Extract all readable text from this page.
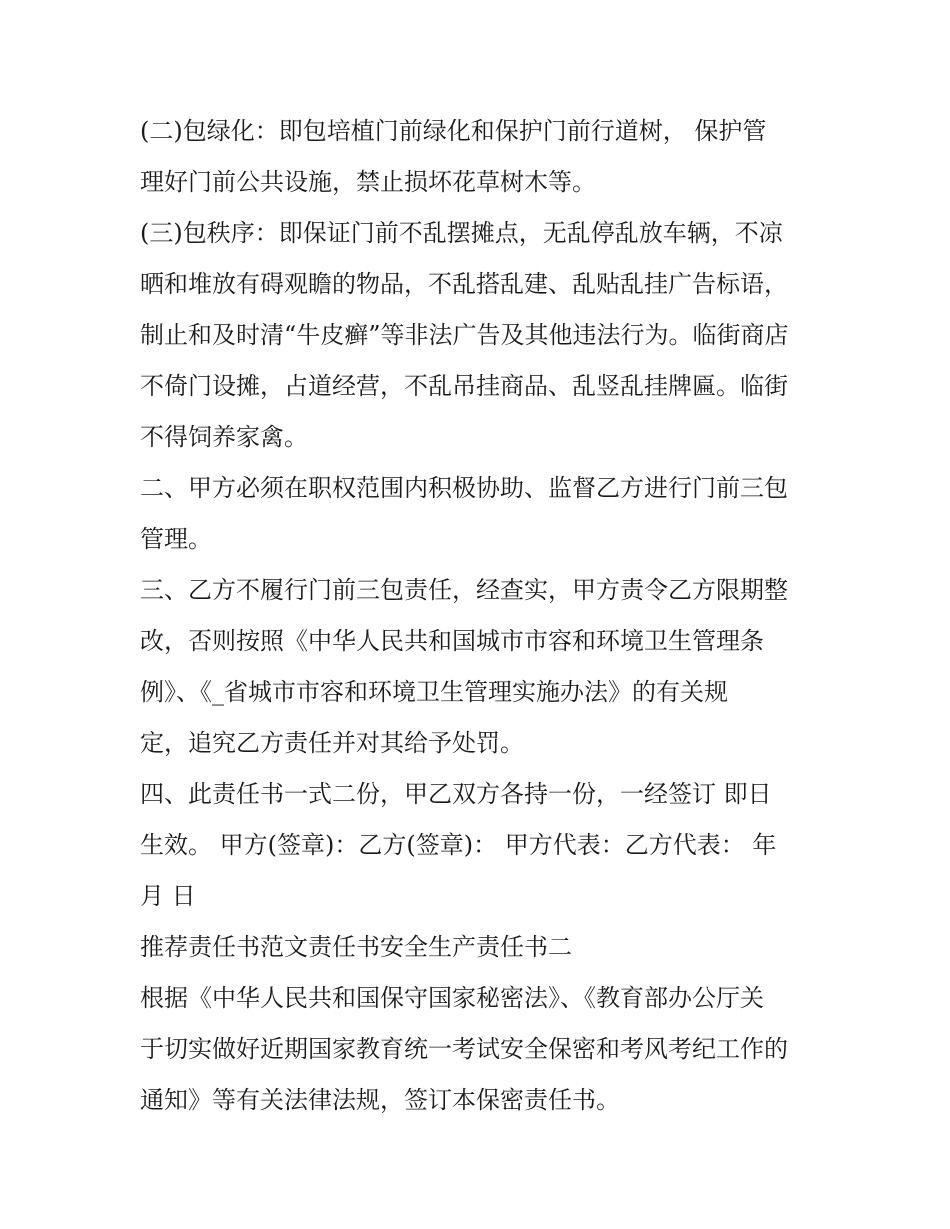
(二)包绿化：即包培植门前绿化和保护门前行道树， 保护管
理好门前公共设施，禁止损坏花草树木等。
(三)包秩序：即保证门前不乱摆摊点，无乱停乱放车辆，不凉
晒和堆放有碍观瞻的物品，不乱搭乱建、乱贴乱挂广告标语，
制止和及时清“牛皮癣”等非法广告及其他违法行为。临街商店
不倚门设摊，占道经营，不乱吊挂商品、乱竖乱挂牌匾。临街
不得饲养家禽。
二、甲方必须在职权范围内积极协助、监督乙方进行门前三包
管理。
三、乙方不履行门前三包责任，经查实，甲方责令乙方限期整
改，否则按照《中华人民共和国城市市容和环境卫生管理条
例》、《_省城市市容和环境卫生管理实施办法》的有关规
定，追究乙方责任并对其给予处罚。
四、此责任书一式二份，甲乙双方各持一份，一经签订 即日
生效。 甲方(签章)：乙方(签章)： 甲方代表：乙方代表： 年
月 日
推荐责任书范文责任书安全生产责任书二
根据《中华人民共和国保守国家秘密法》、《教育部办公厅关
于切实做好近期国家教育统一考试安全保密和考风考纪工作的
通知》等有关法律法规，签订本保密责任书。
